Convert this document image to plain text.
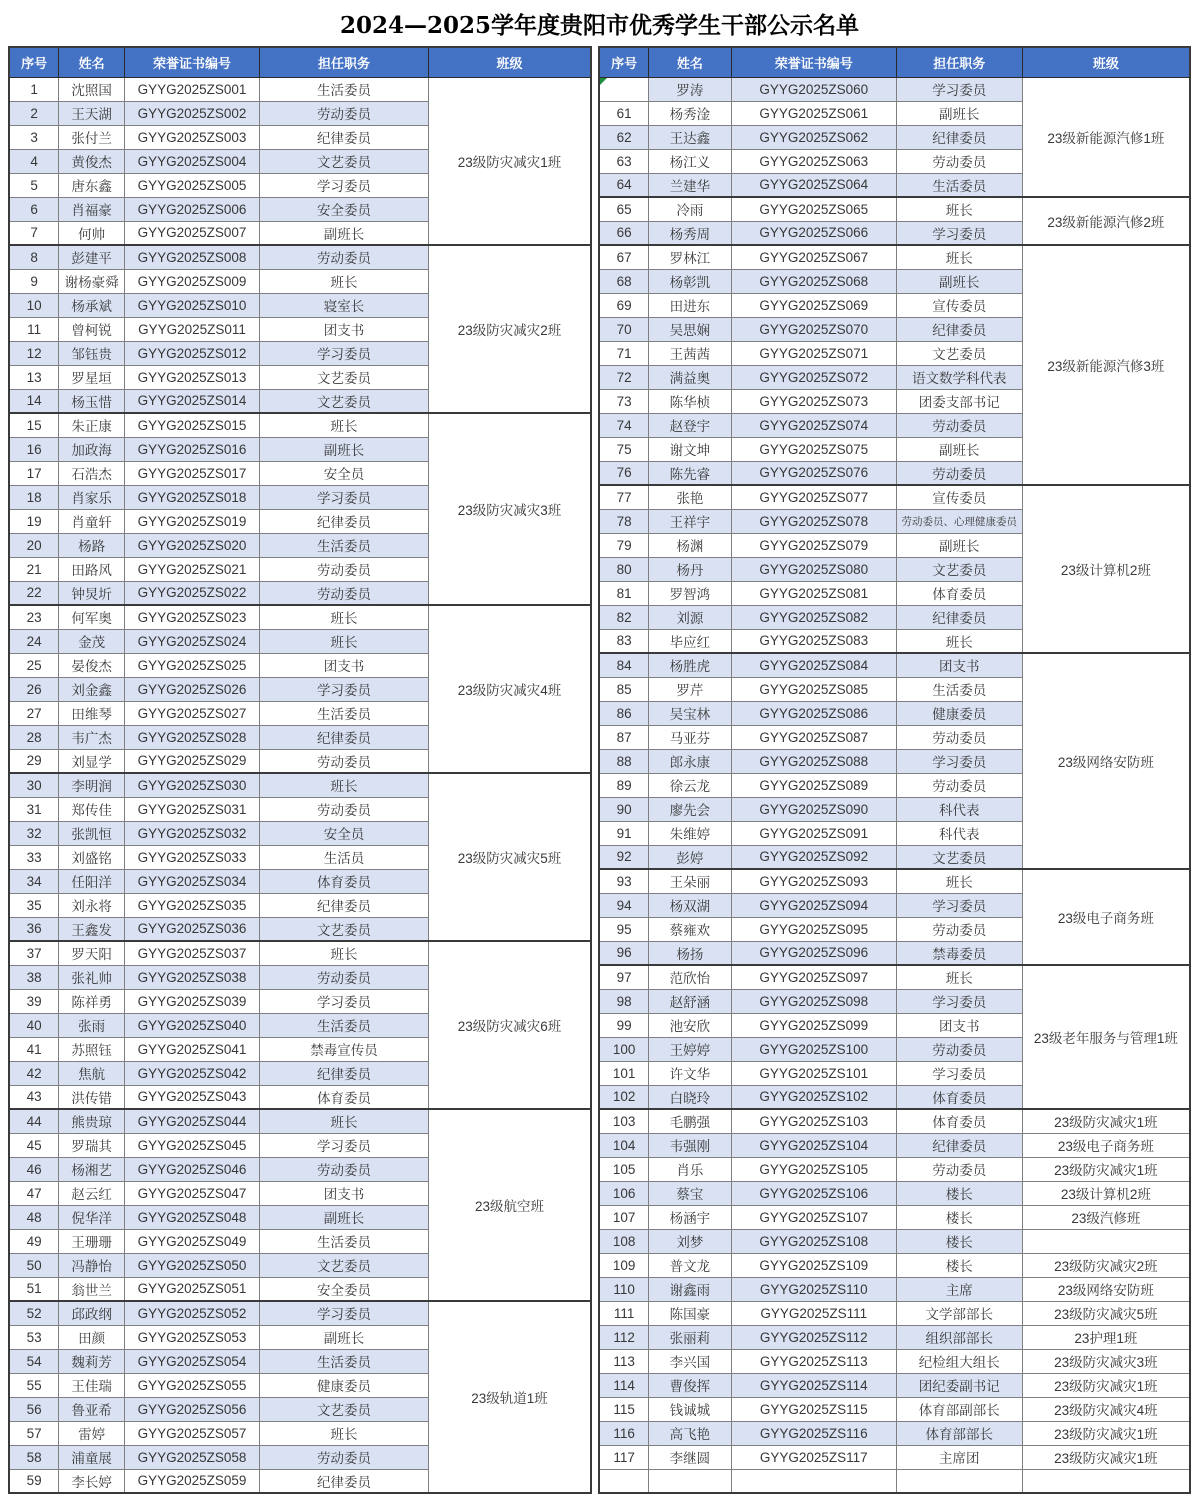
2024—2025学年度贵阳市优秀学生干部公示名单
序号	姓名	荣誉证书编号	担任职务	班级
1	沈照国	GYYG2025ZS001	生活委员	23级防灾减灾1班
2	王天湖	GYYG2025ZS002	劳动委员	
3	张付兰	GYYG2025ZS003	纪律委员	
4	黄俊杰	GYYG2025ZS004	文艺委员	
5	唐东鑫	GYYG2025ZS005	学习委员	
6	肖福豪	GYYG2025ZS006	安全委员	
7	何帅	GYYG2025ZS007	副班长	
8	彭建平	GYYG2025ZS008	劳动委员	23级防灾减灾2班
9	谢杨豪舜	GYYG2025ZS009	班长	
10	杨承斌	GYYG2025ZS010	寝室长	
11	曾柯锐	GYYG2025ZS011	团支书	
12	邹钰贵	GYYG2025ZS012	学习委员	
13	罗星垣	GYYG2025ZS013	文艺委员	
14	杨玉惜	GYYG2025ZS014	文艺委员	
15	朱正康	GYYG2025ZS015	班长	23级防灾减灾3班
16	加政海	GYYG2025ZS016	副班长	
17	石浩杰	GYYG2025ZS017	安全员	
18	肖家乐	GYYG2025ZS018	学习委员	
19	肖童轩	GYYG2025ZS019	纪律委员	
20	杨路	GYYG2025ZS020	生活委员	
21	田路风	GYYG2025ZS021	劳动委员	
22	钟炅圻	GYYG2025ZS022	劳动委员	
23	何军奥	GYYG2025ZS023	班长	23级防灾减灾4班
24	金茂	GYYG2025ZS024	班长	
25	晏俊杰	GYYG2025ZS025	团支书	
26	刘金鑫	GYYG2025ZS026	学习委员	
27	田维琴	GYYG2025ZS027	生活委员	
28	韦广杰	GYYG2025ZS028	纪律委员	
29	刘显学	GYYG2025ZS029	劳动委员	
30	李明润	GYYG2025ZS030	班长	23级防灾减灾5班
31	郑传佳	GYYG2025ZS031	劳动委员	
32	张凯恒	GYYG2025ZS032	安全员	
33	刘盛铭	GYYG2025ZS033	生活员	
34	任阳洋	GYYG2025ZS034	体育委员	
35	刘永将	GYYG2025ZS035	纪律委员	
36	王鑫发	GYYG2025ZS036	文艺委员	
37	罗天阳	GYYG2025ZS037	班长	23级防灾减灾6班
38	张礼帅	GYYG2025ZS038	劳动委员	
39	陈祥勇	GYYG2025ZS039	学习委员	
40	张雨	GYYG2025ZS040	生活委员	
41	苏照钰	GYYG2025ZS041	禁毒宣传员	
42	焦航	GYYG2025ZS042	纪律委员	
43	洪传错	GYYG2025ZS043	体育委员	
44	熊贵琼	GYYG2025ZS044	班长	23级航空班
45	罗瑞其	GYYG2025ZS045	学习委员	
46	杨湘艺	GYYG2025ZS046	劳动委员	
47	赵云红	GYYG2025ZS047	团支书	
48	倪华洋	GYYG2025ZS048	副班长	
49	王珊珊	GYYG2025ZS049	生活委员	
50	冯静怡	GYYG2025ZS050	文艺委员	
51	翁世兰	GYYG2025ZS051	安全委员	
52	邱政纲	GYYG2025ZS052	学习委员	23级轨道1班
53	田颜	GYYG2025ZS053	副班长	
54	魏莉芳	GYYG2025ZS054	生活委员	
55	王佳瑞	GYYG2025ZS055	健康委员	
56	鲁亚希	GYYG2025ZS056	文艺委员	
57	雷婷	GYYG2025ZS057	班长	
58	浦童展	GYYG2025ZS058	劳动委员	
59	李长婷	GYYG2025ZS059	纪律委员	
序号	姓名	荣誉证书编号	担任职务	班级

	罗涛	GYYG2025ZS060	学习委员	23级新能源汽修1班
61	杨秀淦	GYYG2025ZS061	副班长	
62	王达鑫	GYYG2025ZS062	纪律委员	
63	杨江义	GYYG2025ZS063	劳动委员	
64	兰建华	GYYG2025ZS064	生活委员	
65	冷雨	GYYG2025ZS065	班长	23级新能源汽修2班
66	杨秀周	GYYG2025ZS066	学习委员	
67	罗林江	GYYG2025ZS067	班长	23级新能源汽修3班
68	杨彰凯	GYYG2025ZS068	副班长	
69	田进东	GYYG2025ZS069	宣传委员	
70	吴思娴	GYYG2025ZS070	纪律委员	
71	王茜茜	GYYG2025ZS071	文艺委员	
72	满益奥	GYYG2025ZS072	语文数学科代表	
73	陈华桢	GYYG2025ZS073	团委支部书记	
74	赵登宇	GYYG2025ZS074	劳动委员	
75	谢文坤	GYYG2025ZS075	副班长	
76	陈先睿	GYYG2025ZS076	劳动委员	
77	张艳	GYYG2025ZS077	宣传委员	23级计算机2班
78	王祥宇	GYYG2025ZS078	劳动委员、心理健康委员	
79	杨渊	GYYG2025ZS079	副班长	
80	杨丹	GYYG2025ZS080	文艺委员	
81	罗智鸿	GYYG2025ZS081	体育委员	
82	刘源	GYYG2025ZS082	纪律委员	
83	毕应红	GYYG2025ZS083	班长	
84	杨胜虎	GYYG2025ZS084	团支书	23级网络安防班
85	罗芹	GYYG2025ZS085	生活委员	
86	吴宝林	GYYG2025ZS086	健康委员	
87	马亚芬	GYYG2025ZS087	劳动委员	
88	郎永康	GYYG2025ZS088	学习委员	
89	徐云龙	GYYG2025ZS089	劳动委员	
90	廖先会	GYYG2025ZS090	科代表	
91	朱维婷	GYYG2025ZS091	科代表	
92	彭婷	GYYG2025ZS092	文艺委员	
93	王朵丽	GYYG2025ZS093	班长	23级电子商务班
94	杨双湖	GYYG2025ZS094	学习委员	
95	蔡雍欢	GYYG2025ZS095	劳动委员	
96	杨扬	GYYG2025ZS096	禁毒委员	
97	范欣怡	GYYG2025ZS097	班长	23级老年服务与管理1班
98	赵舒涵	GYYG2025ZS098	学习委员	
99	池安欣	GYYG2025ZS099	团支书	
100	王婷婷	GYYG2025ZS100	劳动委员	
101	许文华	GYYG2025ZS101	学习委员	
102	白晓玲	GYYG2025ZS102	体育委员	
103	毛鹏强	GYYG2025ZS103	体育委员	23级防灾减灾1班
104	韦强刚	GYYG2025ZS104	纪律委员	23级电子商务班
105	肖乐	GYYG2025ZS105	劳动委员	23级防灾减灾1班
106	蔡宝	GYYG2025ZS106	楼长	23级计算机2班
107	杨涵宇	GYYG2025ZS107	楼长	23级汽修班
108	刘梦	GYYG2025ZS108	楼长	
109	普文龙	GYYG2025ZS109	楼长	23级防灾减灾2班
110	谢鑫雨	GYYG2025ZS110	主席	23级网络安防班
111	陈国豪	GYYG2025ZS111	文学部部长	23级防灾减灾5班
112	张丽莉	GYYG2025ZS112	组织部部长	23护理1班
113	李兴国	GYYG2025ZS113	纪检组大组长	23级防灾减灾3班
114	曹俊挥	GYYG2025ZS114	团纪委副书记	23级防灾减灾1班
115	钱诚城	GYYG2025ZS115	体育部副部长	23级防灾减灾4班
116	高飞艳	GYYG2025ZS116	体育部部长	23级防灾减灾1班
117	李继圆	GYYG2025ZS117	主席团	23级防灾减灾1班
